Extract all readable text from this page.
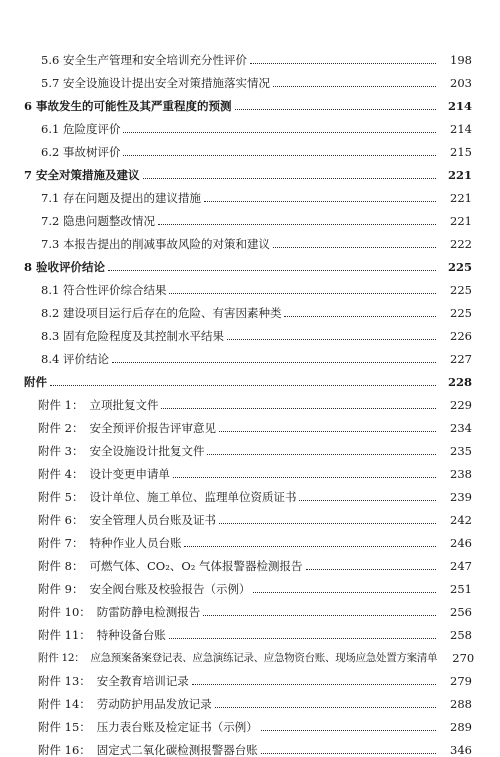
5.6 安全生产管理和安全培训充分性评价	198
5.7 安全设施设计提出安全对策措施落实情况	203
6 事故发生的可能性及其严重程度的预测	214
6.1 危险度评价	214
6.2 事故树评价	215
7 安全对策措施及建议	221
7.1 存在问题及提出的建议措施	221
7.2 隐患问题整改情况	221
7.3 本报告提出的削减事故风险的对策和建议	222
8 验收评价结论	225
8.1 符合性评价综合结果	225
8.2 建设项目运行后存在的危险、有害因素种类	225
8.3 固有危险程度及其控制水平结果	226
8.4 评价结论	227
附件	228
附件 1： 立项批复文件	229
附件 2： 安全预评价报告评审意见	234
附件 3： 安全设施设计批复文件	235
附件 4： 设计变更申请单	238
附件 5： 设计单位、施工单位、监理单位资质证书	239
附件 6： 安全管理人员台账及证书	242
附件 7： 特种作业人员台账	246
附件 8： 可燃气体、CO₂、O₂ 气体报警器检测报告	247
附件 9： 安全阀台账及校验报告（示例）	251
附件 10： 防雷防静电检测报告	256
附件 11： 特种设备台账	258
附件 12： 应急预案备案登记表、应急演练记录、应急物资台账、现场应急处置方案清单	270
附件 13： 安全教育培训记录	279
附件 14： 劳动防护用品发放记录	288
附件 15： 压力表台账及检定证书（示例）	289
附件 16： 固定式二氧化碳检测报警器台账	346
